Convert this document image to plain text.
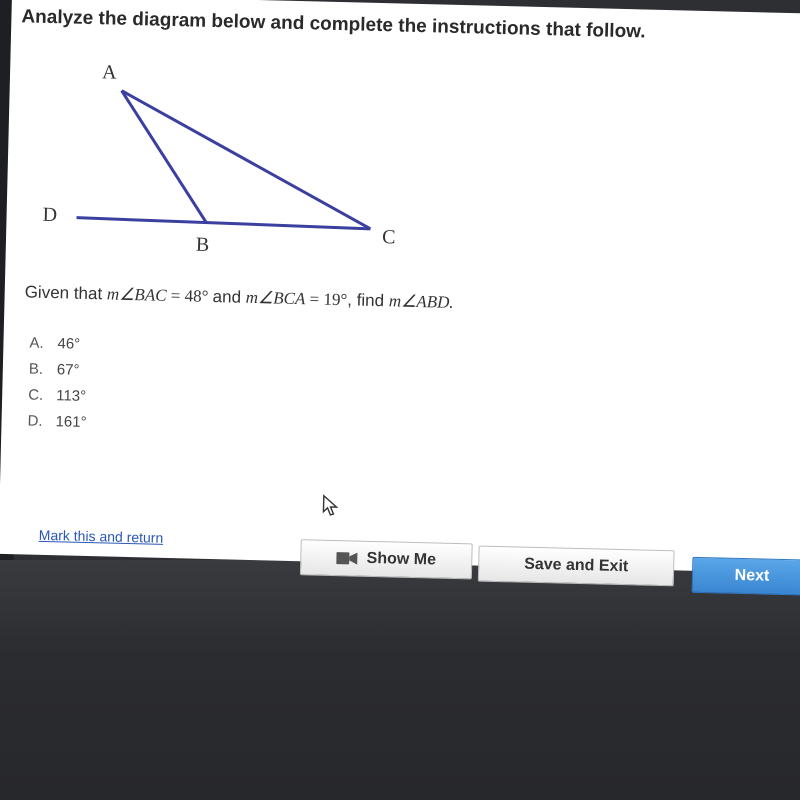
Analyze the diagram below and complete the instructions that follow.
A
D
B	C
Given that m∠BAC = 48° and m∠BCA = 19°, find m∠ABD.
A. 46°
B. 67°
C. 113°
D. 161°
Mark this and return
Show Me	Save and Exit
Next
